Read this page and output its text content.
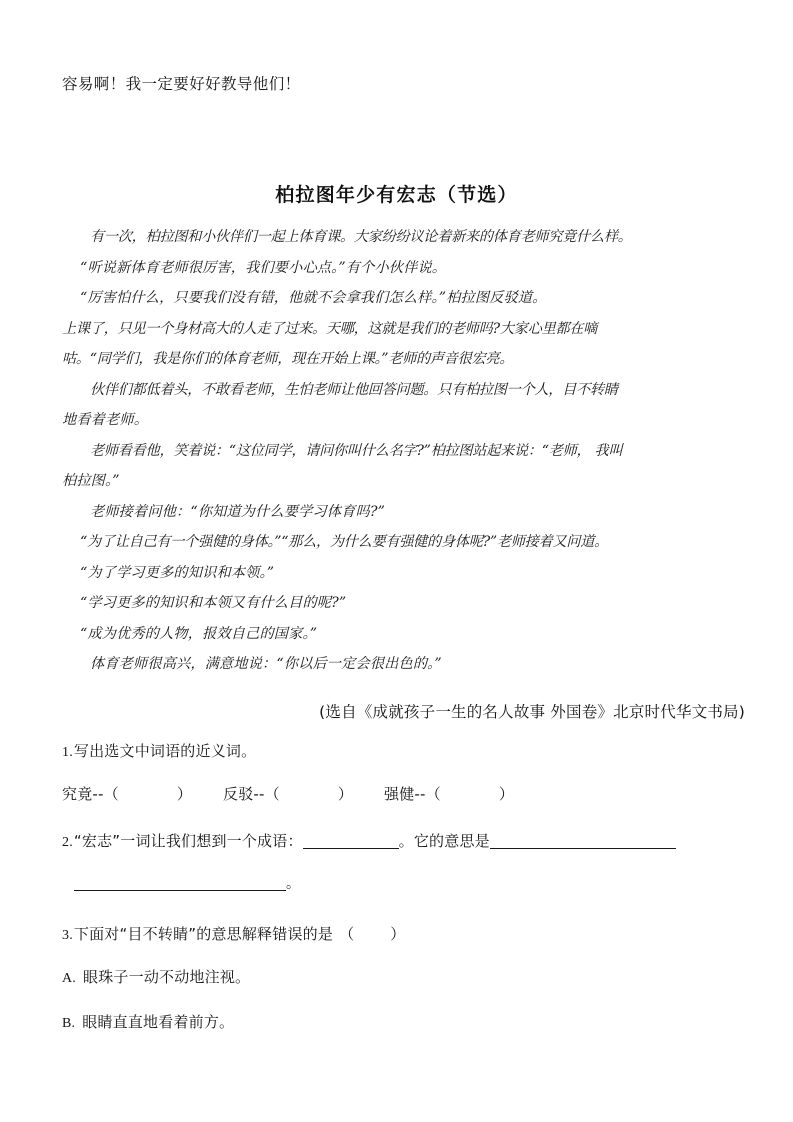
容易啊！我一定要好好教导他们！
柏拉图年少有宏志（节选）
有一次，柏拉图和小伙伴们一起上体育课。大家纷纷议论着新来的体育老师究竟什么样。
“听说新体育老师很厉害，我们要小心点。”有个小伙伴说。
“厉害怕什么，只要我们没有错，他就不会拿我们怎么样。”柏拉图反驳道。
上课了，只见一个身材高大的人走了过来。天哪，这就是我们的老师吗?大家心里都在嘀
咕。“同学们，我是你们的体育老师，现在开始上课。”老师的声音很宏亮。
伙伴们都低着头，不敢看老师，生怕老师让他回答问题。只有柏拉图一个人，目不转睛
地看着老师。
老师看看他，笑着说：“这位同学，请问你叫什么名字?”柏拉图站起来说：“老师， 我叫
柏拉图。”
老师接着问他：“你知道为什么要学习体育吗?”
“为了让自己有一个强健的身体。”“那么，为什么要有强健的身体呢?”老师接着又问道。
“为了学习更多的知识和本领。”
“学习更多的知识和本领又有什么目的呢?”
“成为优秀的人物，报效自己的国家。”
体育老师很高兴，满意地说：“你以后一定会很出色的。”
(选自《成就孩子一生的名人故事 外国卷》北京时代华文书局)
1.写出选文中词语的近义词。
究竟--（	） 反驳--（	） 强健--（	）
2.“宏志”一词让我们想到一个成语：	。它的意思是
。
3.下面对“目不转睛”的意思解释错误的是 （ ）
A. 眼珠子一动不动地注视。
B. 眼睛直直地看着前方。
